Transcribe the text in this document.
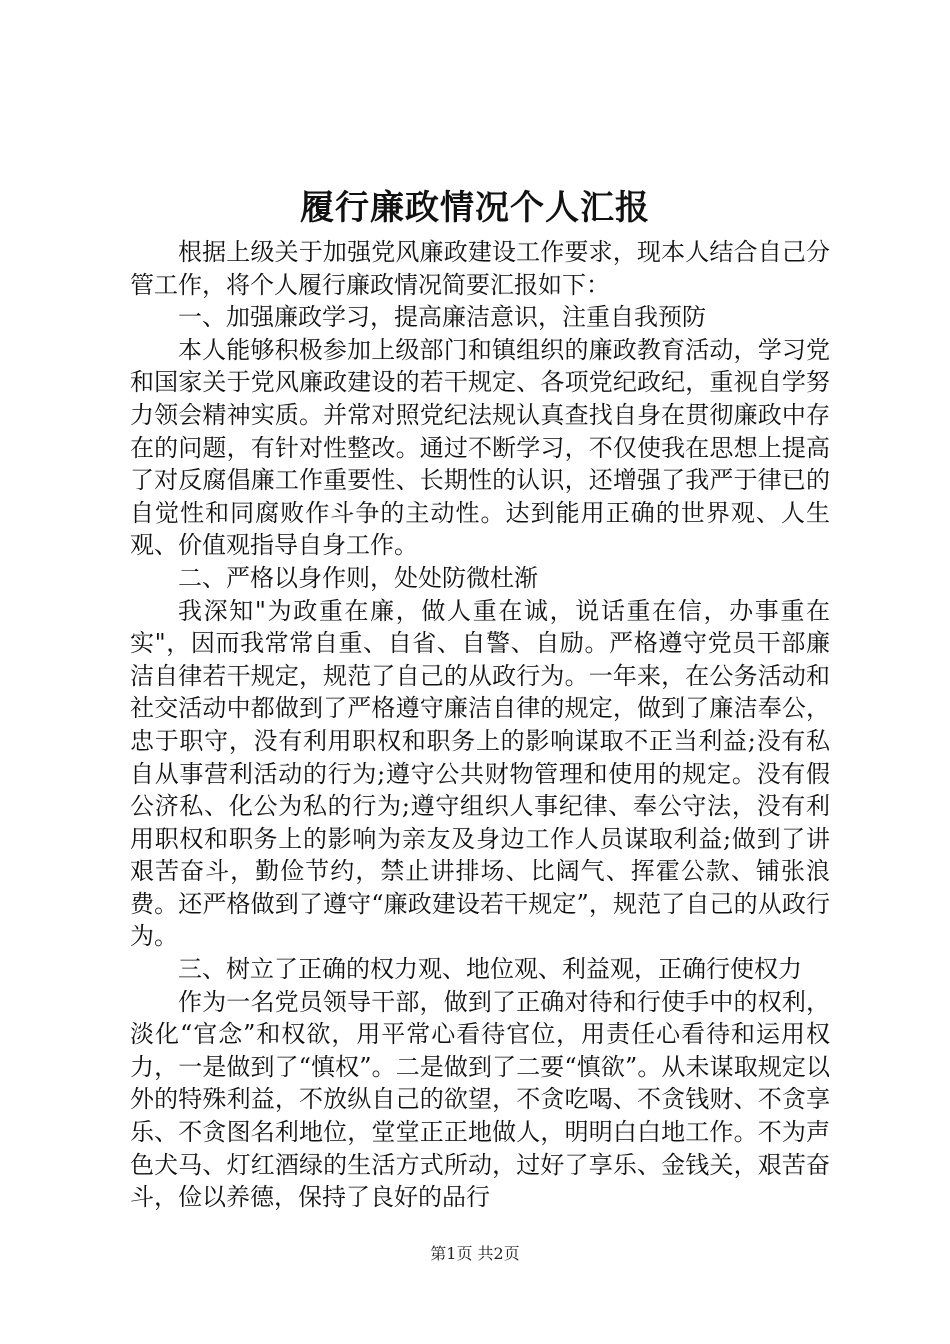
履行廉政情况个人汇报

根据上级关于加强党风廉政建设工作要求，现本人结合自己分管工作，将个人履行廉政情况简要汇报如下：

一、加强廉政学习，提高廉洁意识，注重自我预防

本人能够积极参加上级部门和镇组织的廉政教育活动，学习党和国家关于党风廉政建设的若干规定、各项党纪政纪，重视自学努力领会精神实质。并常对照党纪法规认真查找自身在贯彻廉政中存在的问题，有针对性整改。通过不断学习，不仅使我在思想上提高了对反腐倡廉工作重要性、长期性的认识，还增强了我严于律已的自觉性和同腐败作斗争的主动性。达到能用正确的世界观、人生观、价值观指导自身工作。

二、严格以身作则，处处防微杜渐

我深知"为政重在廉，做人重在诚，说话重在信，办事重在实"，因而我常常自重、自省、自警、自励。严格遵守党员干部廉洁自律若干规定，规范了自己的从政行为。一年来，在公务活动和社交活动中都做到了严格遵守廉洁自律的规定，做到了廉洁奉公，忠于职守，没有利用职权和职务上的影响谋取不正当利益;没有私自从事营利活动的行为;遵守公共财物管理和使用的规定。没有假公济私、化公为私的行为;遵守组织人事纪律、奉公守法，没有利用职权和职务上的影响为亲友及身边工作人员谋取利益;做到了讲艰苦奋斗，勤俭节约，禁止讲排场、比阔气、挥霍公款、铺张浪费。还严格做到了遵守“廉政建设若干规定”，规范了自己的从政行为。

三、树立了正确的权力观、地位观、利益观，正确行使权力

作为一名党员领导干部，做到了正确对待和行使手中的权利，淡化“官念”和权欲，用平常心看待官位，用责任心看待和运用权力，一是做到了“慎权”。二是做到了二要“慎欲”。从未谋取规定以外的特殊利益，不放纵自己的欲望，不贪吃喝、不贪钱财、不贪享乐、不贪图名利地位，堂堂正正地做人，明明白白地工作。不为声色犬马、灯红酒绿的生活方式所动，过好了享乐、金钱关，艰苦奋斗，俭以养德，保持了良好的品行

第1页 共2页
